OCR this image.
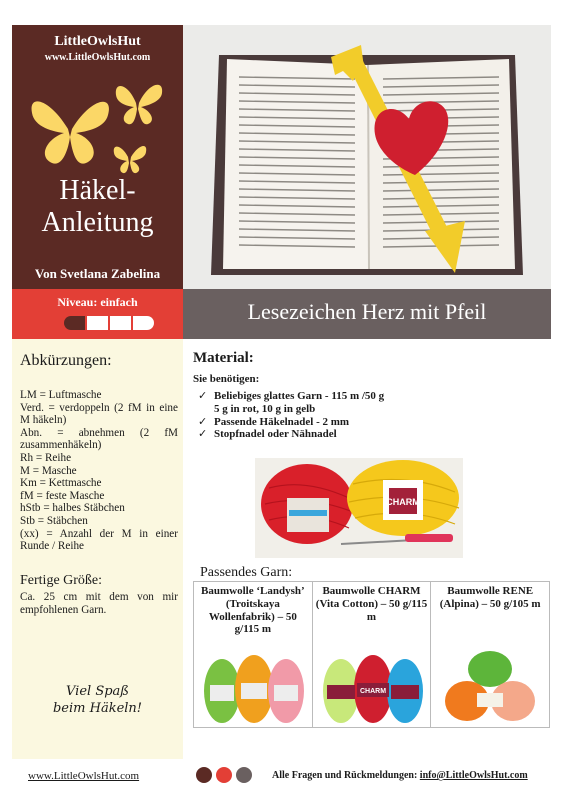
LittleOwlsHut
www.LittleOwlsHut.com
Häkel-
Anleitung
Von Svetlana Zabelina
Niveau: einfach	Lesezeichen Herz mit Pfeil
Abkürzungen:
LM = Luftmasche
Verd. = verdoppeln (2 fM in eine M häkeln)
Abn. = abnehmen (2 fM zusammenhäkeln)
Rh = Reihe
M = Masche
Km = Kettmasche
fM = feste Masche
hStb = halbes Stäbchen
Stb = Stäbchen
(xx) = Anzahl der M in einer Runde / Reihe
Fertige Größe:
Ca. 25 cm mit dem von mir empfohlenen Garn.
Viel Spaß
beim Häkeln!
Material:
Sie benötigen:
✓ Beliebiges glattes Garn - 115 m /50 g
5 g in rot, 10 g in gelb
✓ Passende Häkelnadel - 2 mm
✓ Stopfnadel oder Nähnadel
CHARM
Passendes Garn:
Baumwolle ‘Landysh’ (Troitskaya Wollenfabrik) – 50 g/115 m
Baumwolle CHARM (Vita Cotton) – 50 g/115 m
CHARM
Baumwolle RENE (Alpina) – 50 g/105 m
www.LittleOwlsHut.com	Alle Fragen und Rückmeldungen: info@LittleOwlsHut.com
